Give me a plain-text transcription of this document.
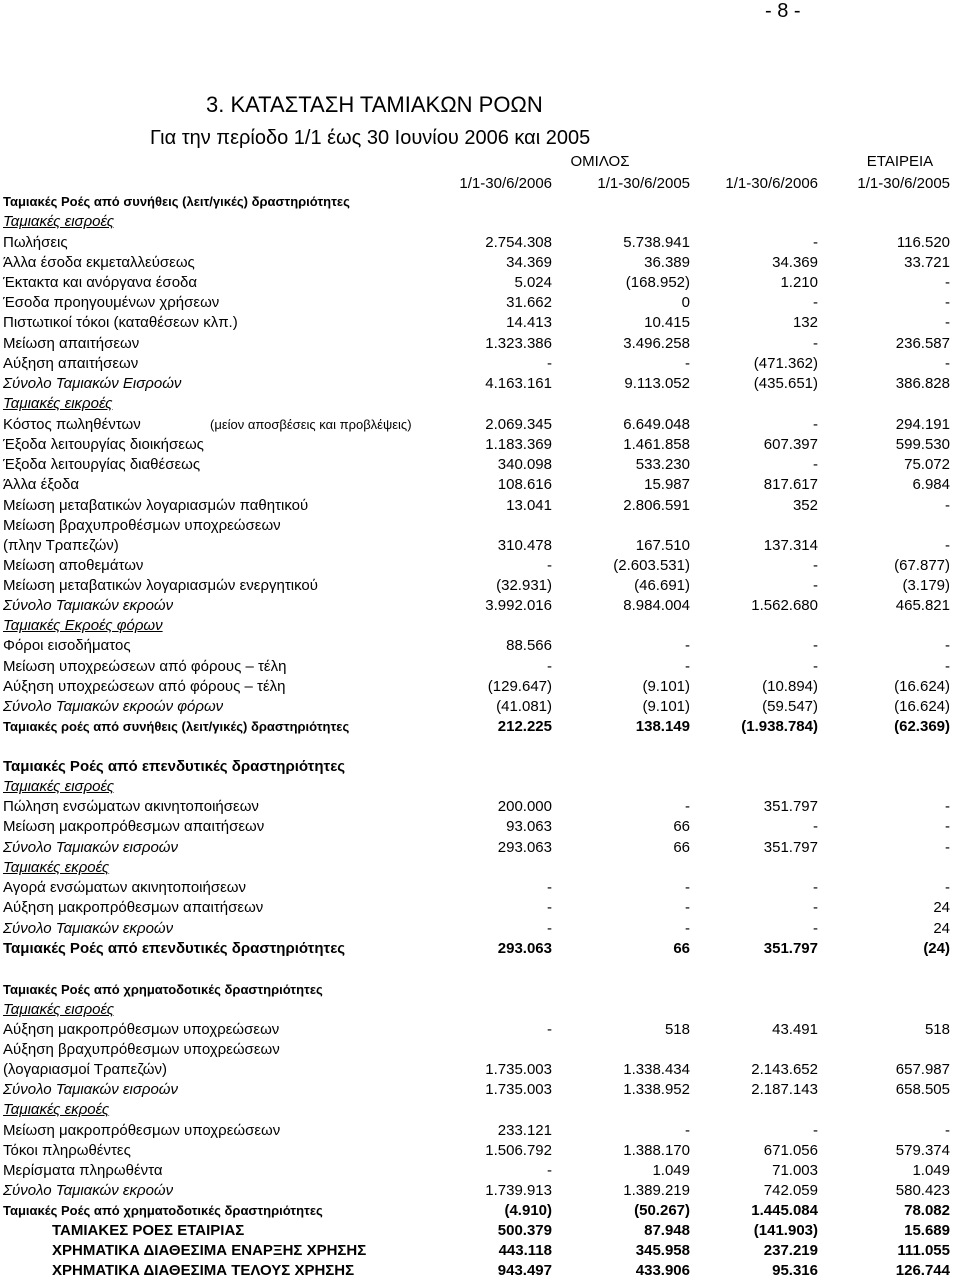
- 8 -
3. ΚΑΤΑΣΤΑΣΗ ΤΑΜΙΑΚΩΝ ΡΟΩΝ
Για την περίοδο 1/1 έως 30 Ιουνίου 2006 και 2005
ΟΜΙΛΟΣ	ΕΤΑΙΡΕΙΑ
1/1-30/6/2006	1/1-30/6/2005 1/1-30/6/2006	1/1-30/6/2005
Ταμιακές Ροές από συνήθεις (λειτ/γικές) δραστηριότητες
Ταμιακές εισροές
Πωλήσεις	2.754.308	5.738.941	-	116.520
Άλλα έσοδα εκμεταλλεύσεως	34.369	36.389	34.369	33.721
Έκτακτα και ανόργανα έσοδα	5.024	(168.952)	1.210	-
Έσοδα προηγουμένων χρήσεων	31.662	0	-	-
Πιστωτικοί τόκοι (καταθέσεων κλπ.)	14.413	10.415	132	-
Μείωση απαιτήσεων	1.323.386	3.496.258	-	236.587
Αύξηση απαιτήσεων	-	-	(471.362)	-
Σύνολο Ταμιακών Εισροών	4.163.161	9.113.052	(435.651)	386.828
Ταμιακές εικροές
Κόστος πωληθέντων	(μείον αποσβέσεις και προβλέψεις)	2.069.345	6.649.048	-	294.191
Έξοδα λειτουργίας διοικήσεως	1.183.369	1.461.858	607.397	599.530
Έξοδα λειτουργίας διαθέσεως	340.098	533.230	-	75.072
Άλλα έξοδα	108.616	15.987	817.617	6.984
Μείωση μεταβατικών λογαριασμών παθητικού	13.041	2.806.591	352	-
Μείωση βραχυπροθέσμων υποχρεώσεων
(πλην Τραπεζών)	310.478	167.510	137.314	-
Μείωση αποθεμάτων	-	(2.603.531)	-	(67.877)
Μείωση μεταβατικών λογαριασμών ενεργητικού	(32.931)	(46.691)	-	(3.179)
Σύνολο Ταμιακών εκροών	3.992.016	8.984.004	1.562.680	465.821
Ταμιακές Εκροές φόρων
Φόροι εισοδήματος	88.566	-	-	-
Μείωση υποχρεώσεων από φόρους – τέλη	-	-	-	-
Αύξηση υποχρεώσεων από φόρους – τέλη	(129.647)	(9.101)	(10.894)	(16.624)
Σύνολο Ταμιακών εκροών φόρων	(41.081)	(9.101)	(59.547)	(16.624)
Ταμιακές ροές από συνήθεις (λειτ/γικές) δραστηριότητες	212.225	138.149	(1.938.784)	(62.369)
Ταμιακές Ροές από επενδυτικές δραστηριότητες
Ταμιακές εισροές
Πώληση ενσώματων ακινητοποιήσεων	200.000	-	351.797	-
Μείωση μακροπρόθεσμων απαιτήσεων	93.063	66	-	-
Σύνολο Ταμιακών εισροών	293.063	66	351.797	-
Ταμιακές εκροές
Αγορά ενσώματων ακινητοποιήσεων	-	-	-	-
Αύξηση μακροπρόθεσμων απαιτήσεων	-	-	-	24
Σύνολο Ταμιακών εκροών	-	-	-	24
Ταμιακές Ροές από επενδυτικές δραστηριότητες	293.063	66	351.797	(24)
Ταμιακές Ροές από χρηματοδοτικές δραστηριότητες
Ταμιακές εισροές
Αύξηση μακροπρόθεσμων υποχρεώσεων	-	518	43.491	518
Αύξηση βραχυπρόθεσμων υποχρεώσεων
(λογαριασμοί Τραπεζών)	1.735.003	1.338.434	2.143.652	657.987
Σύνολο Ταμιακών εισροών	1.735.003	1.338.952	2.187.143	658.505
Ταμιακές εκροές
Μείωση μακροπρόθεσμων υποχρεώσεων	233.121	-	-	-
Τόκοι πληρωθέντες	1.506.792	1.388.170	671.056	579.374
Μερίσματα πληρωθέντα	-	1.049	71.003	1.049
Σύνολο Ταμιακών εκροών	1.739.913	1.389.219	742.059	580.423
Ταμιακές Ροές από χρηματοδοτικές δραστηριότητες	(4.910)	(50.267)	1.445.084	78.082
ΤΑΜΙΑΚΕΣ ΡΟΕΣ ΕΤΑΙΡΙΑΣ	500.379	87.948	(141.903)	15.689
ΧΡΗΜΑΤΙΚΑ ΔΙΑΘΕΣΙΜΑ ΕΝΑΡΞΗΣ ΧΡΗΣΗΣ	443.118	345.958	237.219	111.055
ΧΡΗΜΑΤΙΚΑ ΔΙΑΘΕΣΙΜΑ ΤΕΛΟΥΣ ΧΡΗΣΗΣ	943.497	433.906	95.316	126.744
